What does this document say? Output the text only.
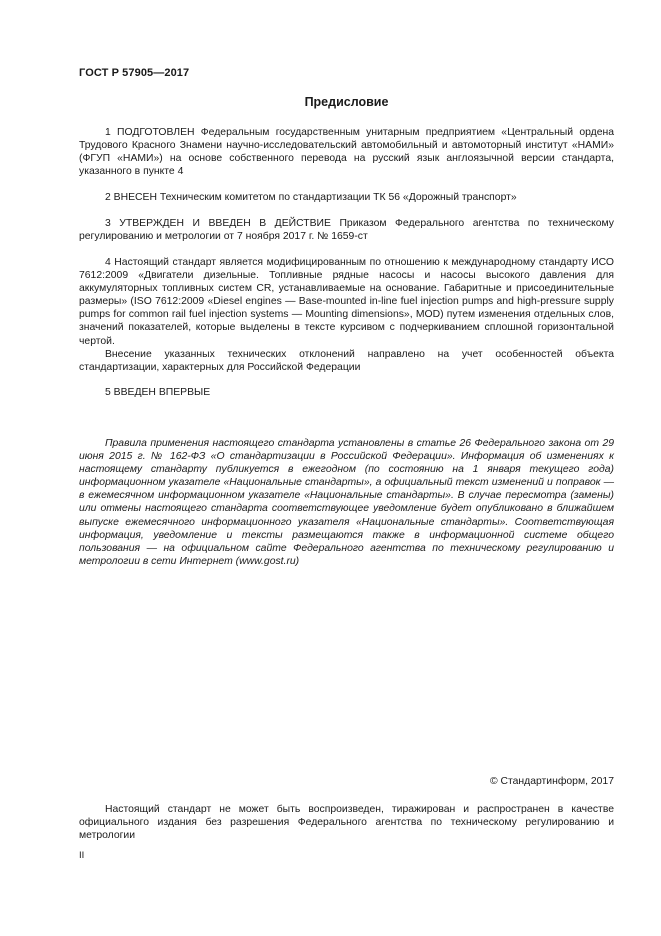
ГОСТ Р 57905—2017
Предисловие

1 ПОДГОТОВЛЕН Федеральным государственным унитарным предприятием «Центральный ордена Трудового Красного Знамени научно-исследовательский автомобильный и автомоторный институт «НАМИ» (ФГУП «НАМИ») на основе собственного перевода на русский язык англоязычной версии стандарта, указанного в пункте 4

2 ВНЕСЕН Техническим комитетом по стандартизации ТК 56 «Дорожный транспорт»

3 УТВЕРЖДЕН И ВВЕДЕН В ДЕЙСТВИЕ Приказом Федерального агентства по техническому регулированию и метрологии от 7 ноября 2017 г. № 1659-ст

4 Настоящий стандарт является модифицированным по отношению к международному стандарту ИСО 7612:2009 «Двигатели дизельные. Топливные рядные насосы и насосы высокого давления для аккумуляторных топливных систем CR, устанавливаемые на основание. Габаритные и присоединительные размеры» (ISO 7612:2009 «Diesel engines — Base-mounted in-line fuel injection pumps and high-pressure supply pumps for common rail fuel injection systems — Mounting dimensions», MOD) путем изменения отдельных слов, значений показателей, которые выделены в тексте курсивом с подчеркиванием сплошной горизонтальной чертой.

Внесение указанных технических отклонений направлено на учет особенностей объекта стандартизации, характерных для Российской Федерации

5 ВВЕДЕН ВПЕРВЫЕ

Правила применения настоящего стандарта установлены в статье 26 Федерального закона от 29 июня 2015 г. № 162-ФЗ «О стандартизации в Российской Федерации». Информация об изменениях к настоящему стандарту публикуется в ежегодном (по состоянию на 1 января текущего года) информационном указателе «Национальные стандарты», а официальный текст изменений и поправок — в ежемесячном информационном указателе «Национальные стандарты». В случае пересмотра (замены) или отмены настоящего стандарта соответствующее уведомление будет опубликовано в ближайшем выпуске ежемесячного информационного указателя «Национальные стандарты». Соответствующая информация, уведомление и тексты размещаются также в информационной системе общего пользования — на официальном сайте Федерального агентства по техническому регулированию и метрологии в сети Интернет (www.gost.ru)

© Стандартинформ, 2017

Настоящий стандарт не может быть воспроизведен, тиражирован и распространен в качестве официального издания без разрешения Федерального агентства по техническому регулированию и метрологии

II
